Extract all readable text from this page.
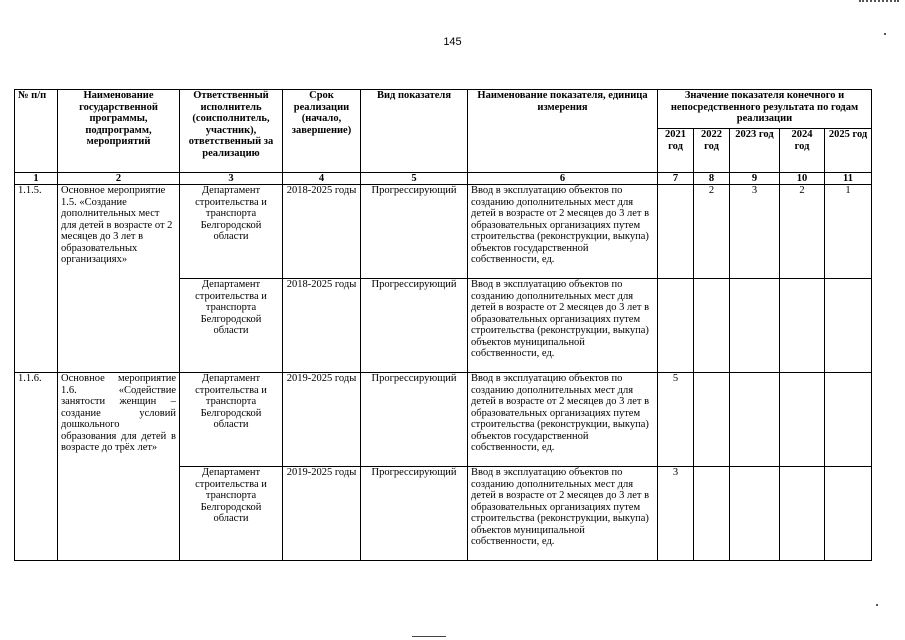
145
№ п/п	Наименование государственной программы, подпрограмм, мероприятий	Ответственный исполнитель (соисполнитель, участник), ответственный за реализацию	Срок реализации (начало, завершение)	Вид показателя	Наименование показателя, единица измерения	Значение показателя конечного и непосредственного результата по годам реализации				
						2021 год	2022 год	2023 год	2024 год	2025 год
1	2	3	4	5	6	7	8	9	10	11
1.1.5.	Основное мероприятие 1.5. «Создание дополнительных мест для детей в возрасте от 2 месяцев до 3 лет в образовательных организациях»	Департамент строительства и транспорта Белгородской области	2018-2025 годы	Прогрессирующий	Ввод в эксплуатацию объектов по созданию дополнительных мест для детей в возрасте от 2 месяцев до 3 лет в образовательных организациях путем строительства (реконструкции, выкупа) объектов государственной собственности, ед.		2	3	2	1
		Департамент строительства и транспорта Белгородской области	2018-2025 годы	Прогрессирующий	Ввод в эксплуатацию объектов по созданию дополнительных мест для детей в возрасте от 2 месяцев до 3 лет в образовательных организациях путем строительства (реконструкции, выкупа) объектов муниципальной собственности, ед.					
1.1.6.	Основное мероприятие 1.6. «Содействие занятости женщин – создание условий дошкольного образования для детей в возрасте до трёх лет»	Департамент строительства и транспорта Белгородской области	2019-2025 годы	Прогрессирующий	Ввод в эксплуатацию объектов по созданию дополнительных мест для детей в возрасте от 2 месяцев до 3 лет в образовательных организациях путем строительства (реконструкции, выкупа) объектов государственной собственности, ед.	5				
		Департамент строительства и транспорта Белгородской области	2019-2025 годы	Прогрессирующий	Ввод в эксплуатацию объектов по созданию дополнительных мест для детей в возрасте от 2 месяцев до 3 лет в образовательных организациях путем строительства (реконструкции, выкупа) объектов муниципальной собственности, ед.	3				
